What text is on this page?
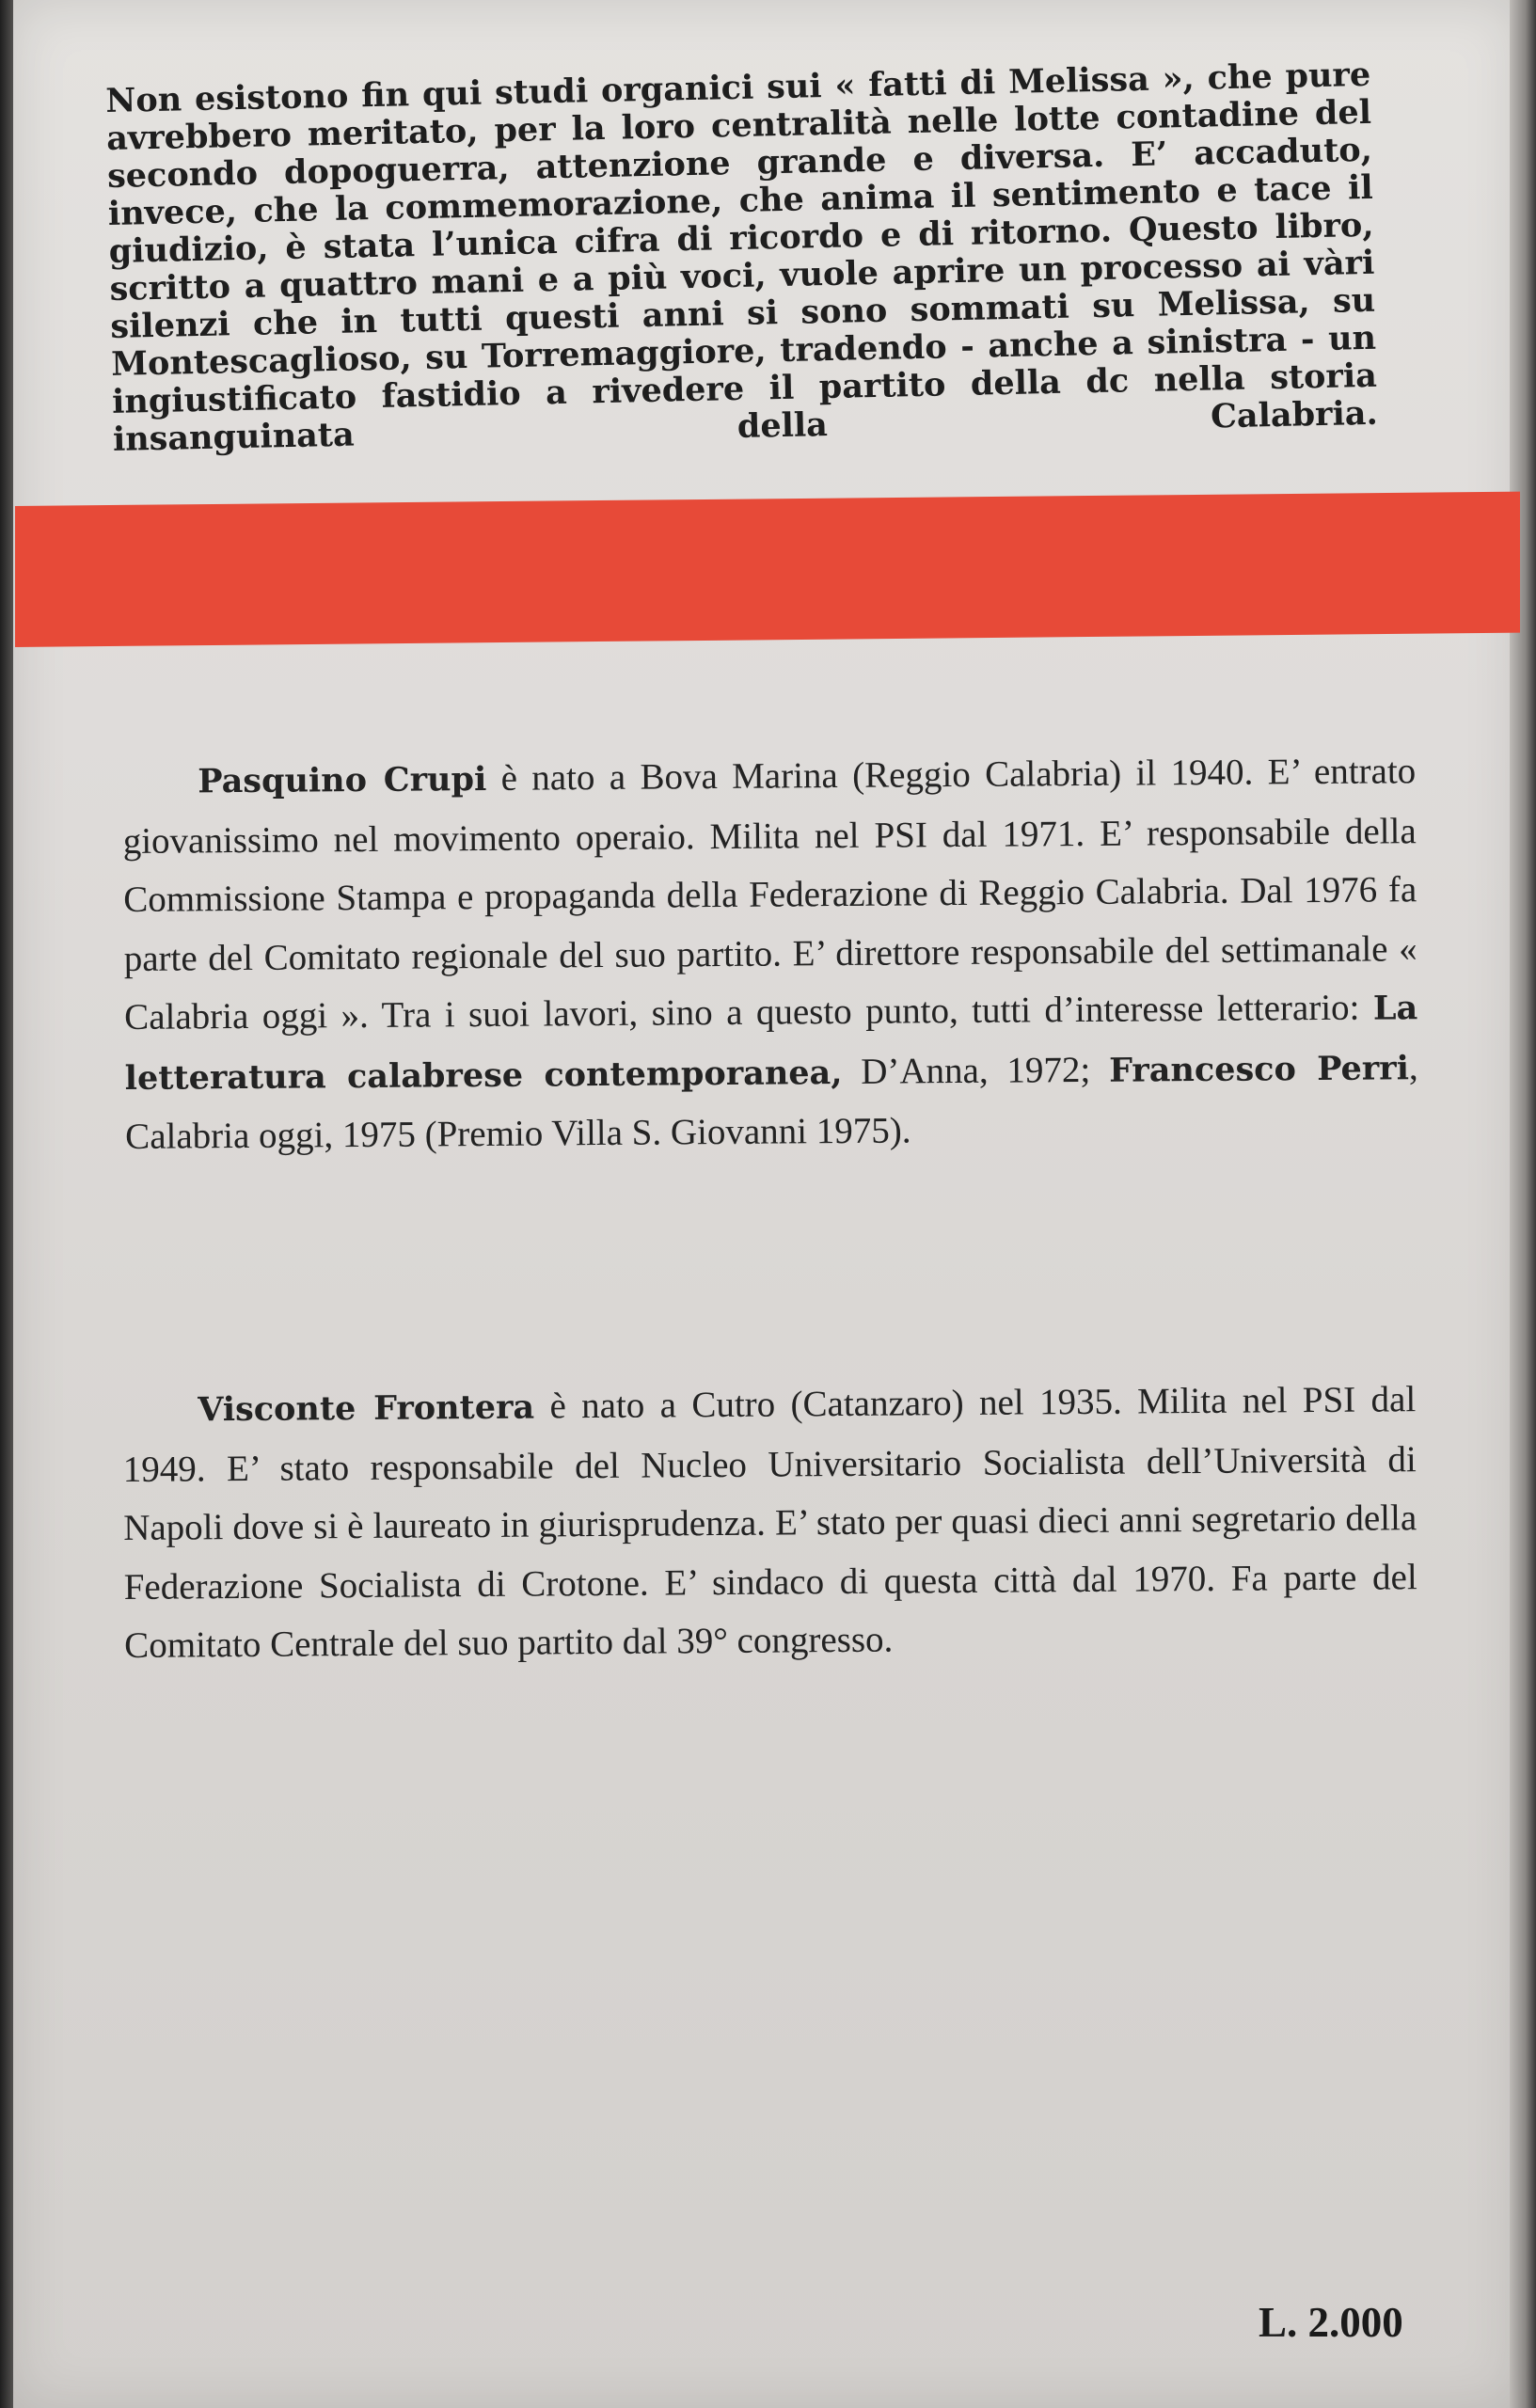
Non esistono fin qui studi organici sui « fatti di Melissa », che pure avrebbero meritato, per la loro centralità nelle lotte contadine del secondo dopoguerra, attenzione grande e diversa. E’ accaduto, invece, che la commemorazione, che anima il sentimento e tace il giudizio, è stata l’unica cifra di ricordo e di ritorno. Questo libro, scritto a quattro mani e a più voci, vuole aprire un processo ai vàri silenzi che in tutti questi anni si sono sommati su Melissa, su Montescaglioso, su Torremaggiore, tradendo - anche a sinistra - un ingiustificato fastidio a rivedere il partito della dc nella storia insanguinata della Calabria.

Pasquino Crupi è nato a Bova Marina (Reggio Calabria) il 1940. E’ entrato giovanissimo nel movimento operaio. Milita nel PSI dal 1971. E’ responsabile della Commissione Stampa e propaganda della Federazione di Reggio Calabria. Dal 1976 fa parte del Comitato regionale del suo partito. E’ direttore responsabile del settimanale « Calabria oggi ». Tra i suoi lavori, sino a questo punto, tutti d’interesse letterario: La letteratura calabrese contemporanea, D’Anna, 1972; Francesco Perri, Calabria oggi, 1975 (Premio Villa S. Giovanni 1975).

Visconte Frontera è nato a Cutro (Catanzaro) nel 1935. Milita nel PSI dal 1949. E’ stato responsabile del Nucleo Universitario Socialista dell’Università di Napoli dove si è laureato in giurisprudenza. E’ stato per quasi dieci anni segretario della Federazione Socialista di Crotone. E’ sindaco di questa città dal 1970. Fa parte del Comitato Centrale del suo partito dal 39° congresso.

L. 2.000
